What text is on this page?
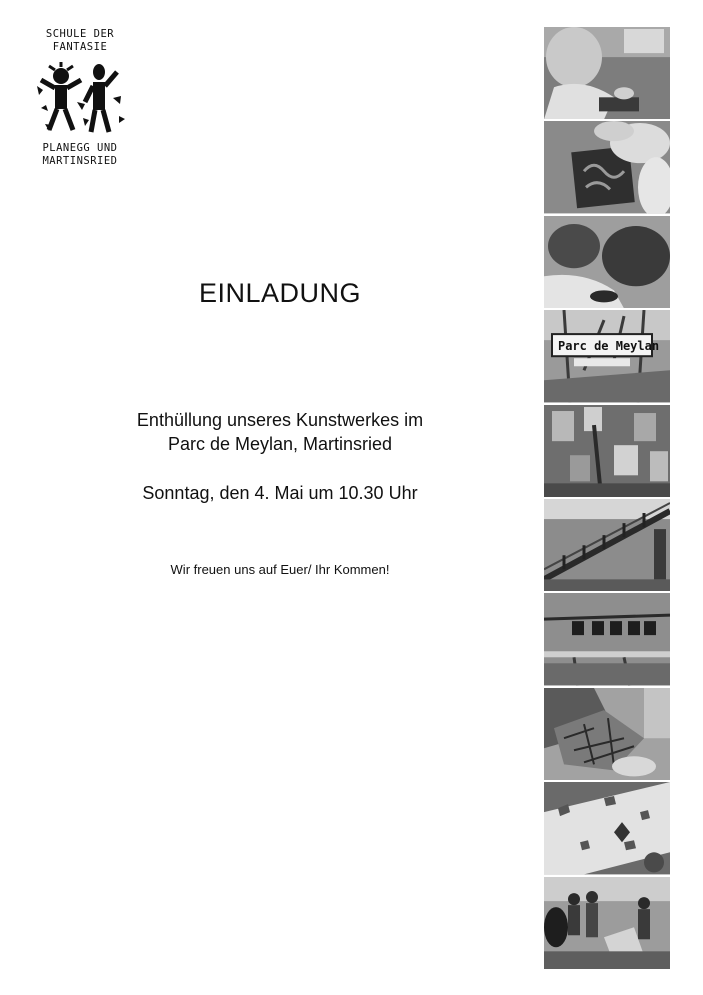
SCHULE DER
FANTASIE
PLANEGG UND
MARTINSRIED
EINLADUNG
Enthüllung unseres Kunstwerkes im
Parc de Meylan, Martinsried
Sonntag, den 4. Mai um 10.30 Uhr
Wir freuen uns auf Euer/ Ihr Kommen!
Parc de Meylan
